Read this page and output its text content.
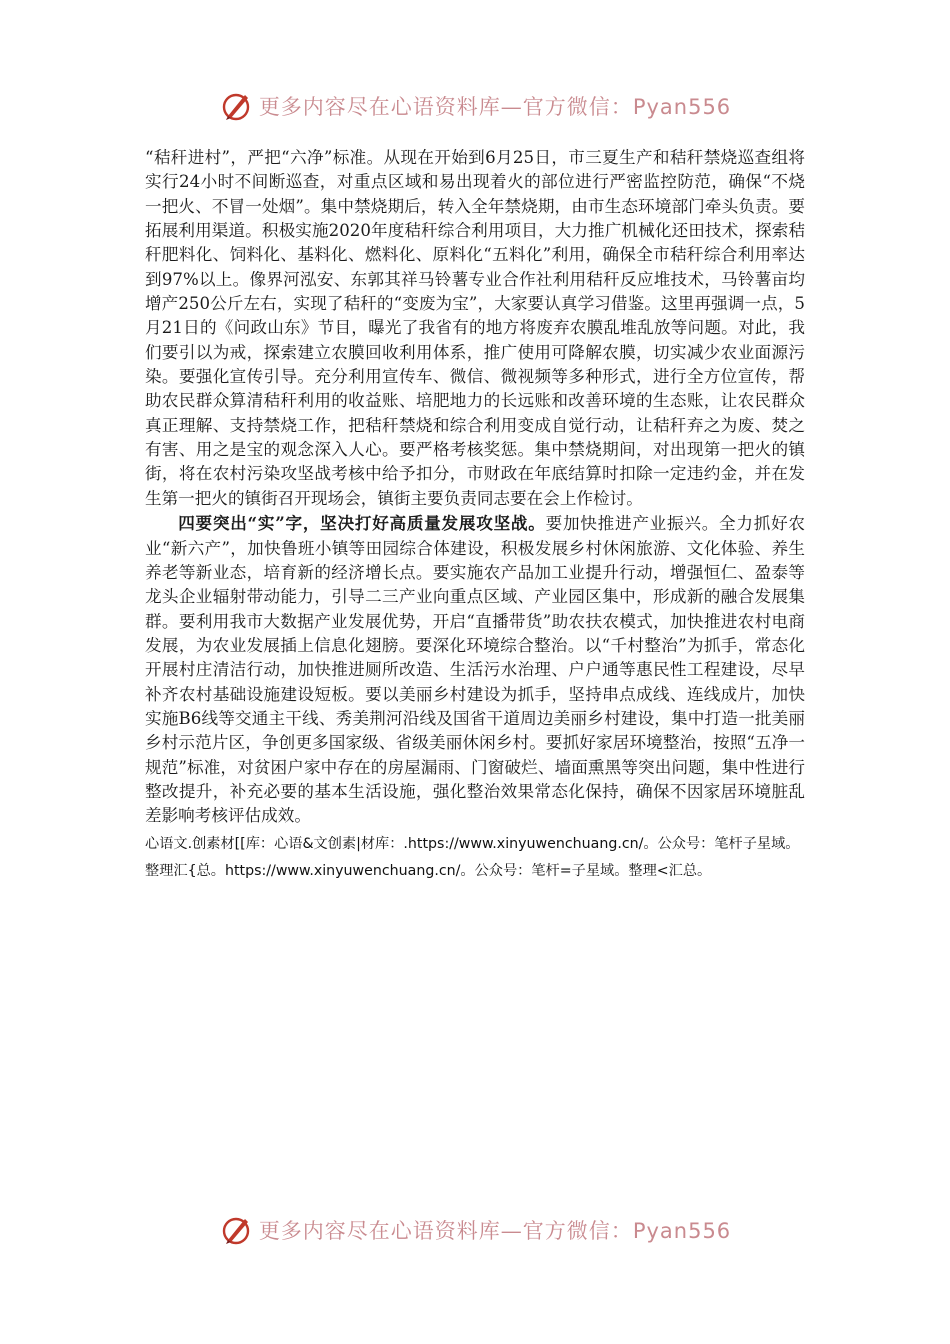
更多内容尽在心语资料库—官方微信：Pyan556

“秸秆进村”，严把“六净”标准。从现在开始到6月25日，市三夏生产和秸秆禁烧巡查组将实行24小时不间断巡查，对重点区域和易出现着火的部位进行严密监控防范，确保“不烧一把火、不冒一处烟”。集中禁烧期后，转入全年禁烧期，由市生态环境部门牵头负责。要拓展利用渠道。积极实施2020年度秸秆综合利用项目，大力推广机械化还田技术，探索秸秆肥料化、饲料化、基料化、燃料化、原料化“五料化”利用，确保全市秸秆综合利用率达到97%以上。像界河泓安、东郭其祥马铃薯专业合作社利用秸秆反应堆技术，马铃薯亩均增产250公斤左右，实现了秸秆的“变废为宝”，大家要认真学习借鉴。这里再强调一点，5月21日的《问政山东》节目，曝光了我省有的地方将废弃农膜乱堆乱放等问题。对此，我们要引以为戒，探索建立农膜回收利用体系，推广使用可降解农膜，切实减少农业面源污染。要强化宣传引导。充分利用宣传车、微信、微视频等多种形式，进行全方位宣传，帮助农民群众算清秸秆利用的收益账、培肥地力的长远账和改善环境的生态账，让农民群众真正理解、支持禁烧工作，把秸秆禁烧和综合利用变成自觉行动，让秸秆弃之为废、焚之有害、用之是宝的观念深入人心。要严格考核奖惩。集中禁烧期间，对出现第一把火的镇街，将在农村污染攻坚战考核中给予扣分，市财政在年底结算时扣除一定违约金，并在发生第一把火的镇街召开现场会，镇街主要负责同志要在会上作检讨。

四要突出“实”字，坚决打好高质量发展攻坚战。要加快推进产业振兴。全力抓好农业“新六产”，加快鲁班小镇等田园综合体建设，积极发展乡村休闲旅游、文化体验、养生养老等新业态，培育新的经济增长点。要实施农产品加工业提升行动，增强恒仁、盈泰等龙头企业辐射带动能力，引导二三产业向重点区域、产业园区集中，形成新的融合发展集群。要利用我市大数据产业发展优势，开启“直播带货”助农扶农模式，加快推进农村电商发展，为农业发展插上信息化翅膀。要深化环境综合整治。以“千村整治”为抓手，常态化开展村庄清洁行动，加快推进厕所改造、生活污水治理、户户通等惠民性工程建设，尽早补齐农村基础设施建设短板。要以美丽乡村建设为抓手，坚持串点成线、连线成片，加快实施B6线等交通主干线、秀美荆河沿线及国省干道周边美丽乡村建设，集中打造一批美丽乡村示范片区，争创更多国家级、省级美丽休闲乡村。要抓好家居环境整治，按照“五净一规范”标准，对贫困户家中存在的房屋漏雨、门窗破烂、墙面熏黑等突出问题，集中性进行整改提升，补充必要的基本生活设施，强化整治效果常态化保持，确保不因家居环境脏乱差影响考核评估成效。

心语文.创素材[[库：心语&文创素|材库：.https://www.xinyuwenchuang.cn/。公众号：笔杆子星域。整理汇{总。https://www.xinyuwenchuang.cn/。公众号：笔杆=子星域。整理<汇总。
更多内容尽在心语资料库—官方微信：Pyan556
